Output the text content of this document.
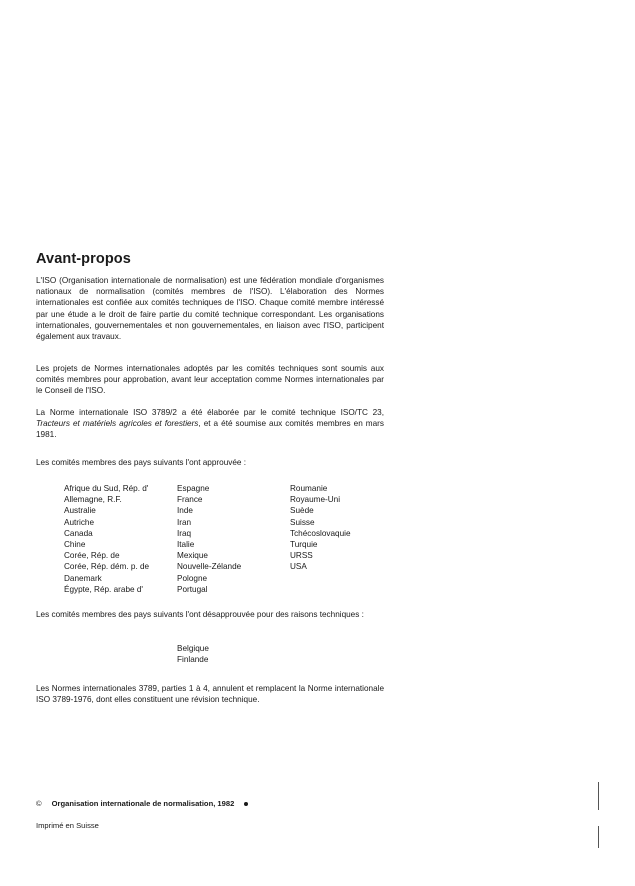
Avant-propos

L'ISO (Organisation internationale de normalisation) est une fédération mondiale d'organismes nationaux de normalisation (comités membres de l'ISO). L'élaboration des Normes internationales est confiée aux comités techniques de l'ISO. Chaque comité membre intéressé par une étude a le droit de faire partie du comité technique correspondant. Les organisations internationales, gouvernementales et non gouvernementales, en liaison avec l'ISO, participent également aux travaux.

Les projets de Normes internationales adoptés par les comités techniques sont soumis aux comités membres pour approbation, avant leur acceptation comme Normes internationales par le Conseil de l'ISO.

La Norme internationale ISO 3789/2 a été élaborée par le comité technique ISO/TC 23, Tracteurs et matériels agricoles et forestiers, et a été soumise aux comités membres en mars 1981.

Les comités membres des pays suivants l'ont approuvée :

Afrique du Sud, Rép. d'
Allemagne, R.F.
Australie
Autriche
Canada
Chine
Corée, Rép. de
Corée, Rép. dém. p. de
Danemark
Égypte, Rép. arabe d'
Espagne
France
Inde
Iran
Iraq
Italie
Mexique
Nouvelle-Zélande
Pologne
Portugal
Roumanie
Royaume-Uni
Suède
Suisse
Tchécoslovaquie
Turquie
URSS
USA

Les comités membres des pays suivants l'ont désapprouvée pour des raisons techniques :

Belgique
Finlande

Les Normes internationales 3789, parties 1 à 4, annulent et remplacent la Norme internationale ISO 3789-1976, dont elles constituent une révision technique.

© Organisation internationale de normalisation, 1982
Imprimé en Suisse
